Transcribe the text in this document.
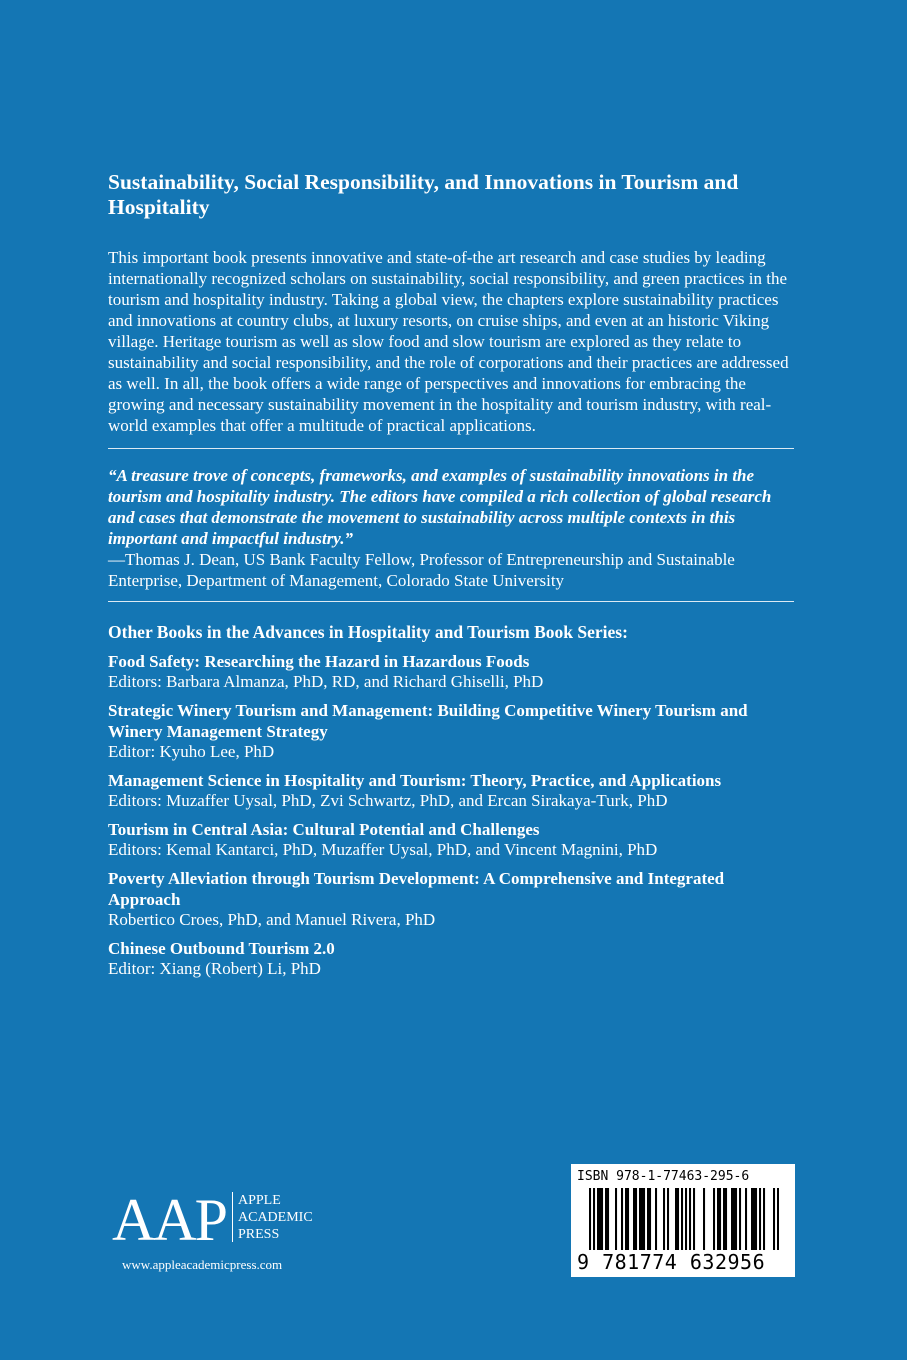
Sustainability, Social Responsibility, and Innovations in Tourism and Hospitality

This important book presents innovative and state-of-the art research and case studies by leading internationally recognized scholars on sustainability, social responsibility, and green practices in the tourism and hospitality industry. Taking a global view, the chapters explore sustainability practices and innovations at country clubs, at luxury resorts, on cruise ships, and even at an historic Viking village. Heritage tourism as well as slow food and slow tourism are explored as they relate to sustainability and social responsibility, and the role of corporations and their practices are addressed as well. In all, the book offers a wide range of perspectives and innovations for embracing the growing and necessary sustainability movement in the hospitality and tourism industry, with real-world examples that offer a multitude of practical applications.

“A treasure trove of concepts, frameworks, and examples of sustainability innovations in the tourism and hospitality industry. The editors have compiled a rich collection of global research and cases that demonstrate the movement to sustainability across multiple contexts in this important and impactful industry.”

—Thomas J. Dean, US Bank Faculty Fellow, Professor of Entrepreneurship and Sustainable Enterprise, Department of Management, Colorado State University

Other Books in the Advances in Hospitality and Tourism Book Series:
Food Safety: Researching the Hazard in Hazardous Foods
Editors: Barbara Almanza, PhD, RD, and Richard Ghiselli, PhD
Strategic Winery Tourism and Management: Building Competitive Winery Tourism and Winery Management Strategy
Editor: Kyuho Lee, PhD
Management Science in Hospitality and Tourism: Theory, Practice, and Applications
Editors: Muzaffer Uysal, PhD, Zvi Schwartz, PhD, and Ercan Sirakaya-Turk, PhD
Tourism in Central Asia: Cultural Potential and Challenges
Editors: Kemal Kantarci, PhD, Muzaffer Uysal, PhD, and Vincent Magnini, PhD
Poverty Alleviation through Tourism Development: A Comprehensive and Integrated Approach
Robertico Croes, PhD, and Manuel Rivera, PhD
Chinese Outbound Tourism 2.0
Editor: Xiang (Robert) Li, PhD
AAP APPLE
ACADEMIC
PRESS
www.appleacademicpress.com
ISBN 978-1-77463-295-6
9 781774 632956
